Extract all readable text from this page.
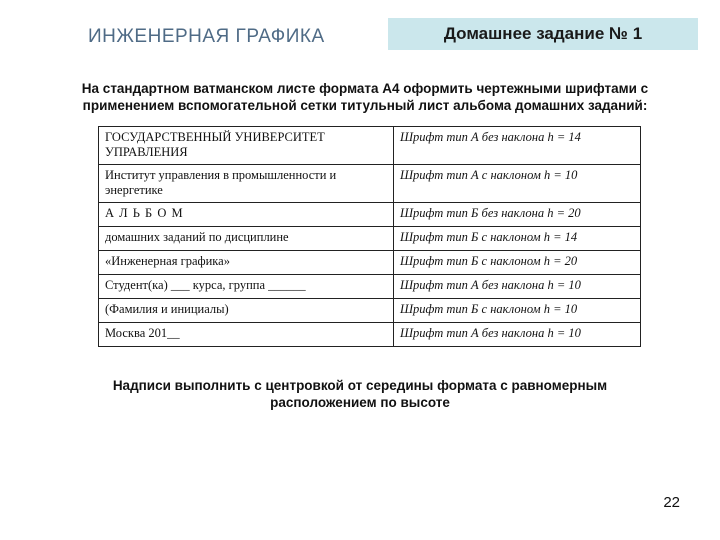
ИНЖЕНЕРНАЯ ГРАФИКА	Домашнее задание № 1
На стандартном ватманском листе формата А4 оформить чертежными шрифтами с
применением вспомогательной сетки титульный лист альбома домашних заданий:
ГОСУДАРСТВЕННЫЙ УНИВЕРСИТЕТ УПРАВЛЕНИЯ	Шрифт тип А без наклона h = 14
Институт управления в промышленности и энергетике	Шрифт тип А с наклоном h = 10
А Л Ь Б О М	Шрифт тип Б без наклона h = 20
домашних заданий по дисциплине	Шрифт тип Б с наклоном h = 14
«Инженерная графика»	Шрифт тип Б с наклоном h = 20
Студент(ка) ___ курса, группа ______	Шрифт тип А без наклона h = 10
(Фамилия и инициалы)	Шрифт тип Б с наклоном h = 10
Москва 201__	Шрифт тип А без наклона h = 10
Надписи выполнить с центровкой от середины формата с равномерным
расположением по высоте
22
